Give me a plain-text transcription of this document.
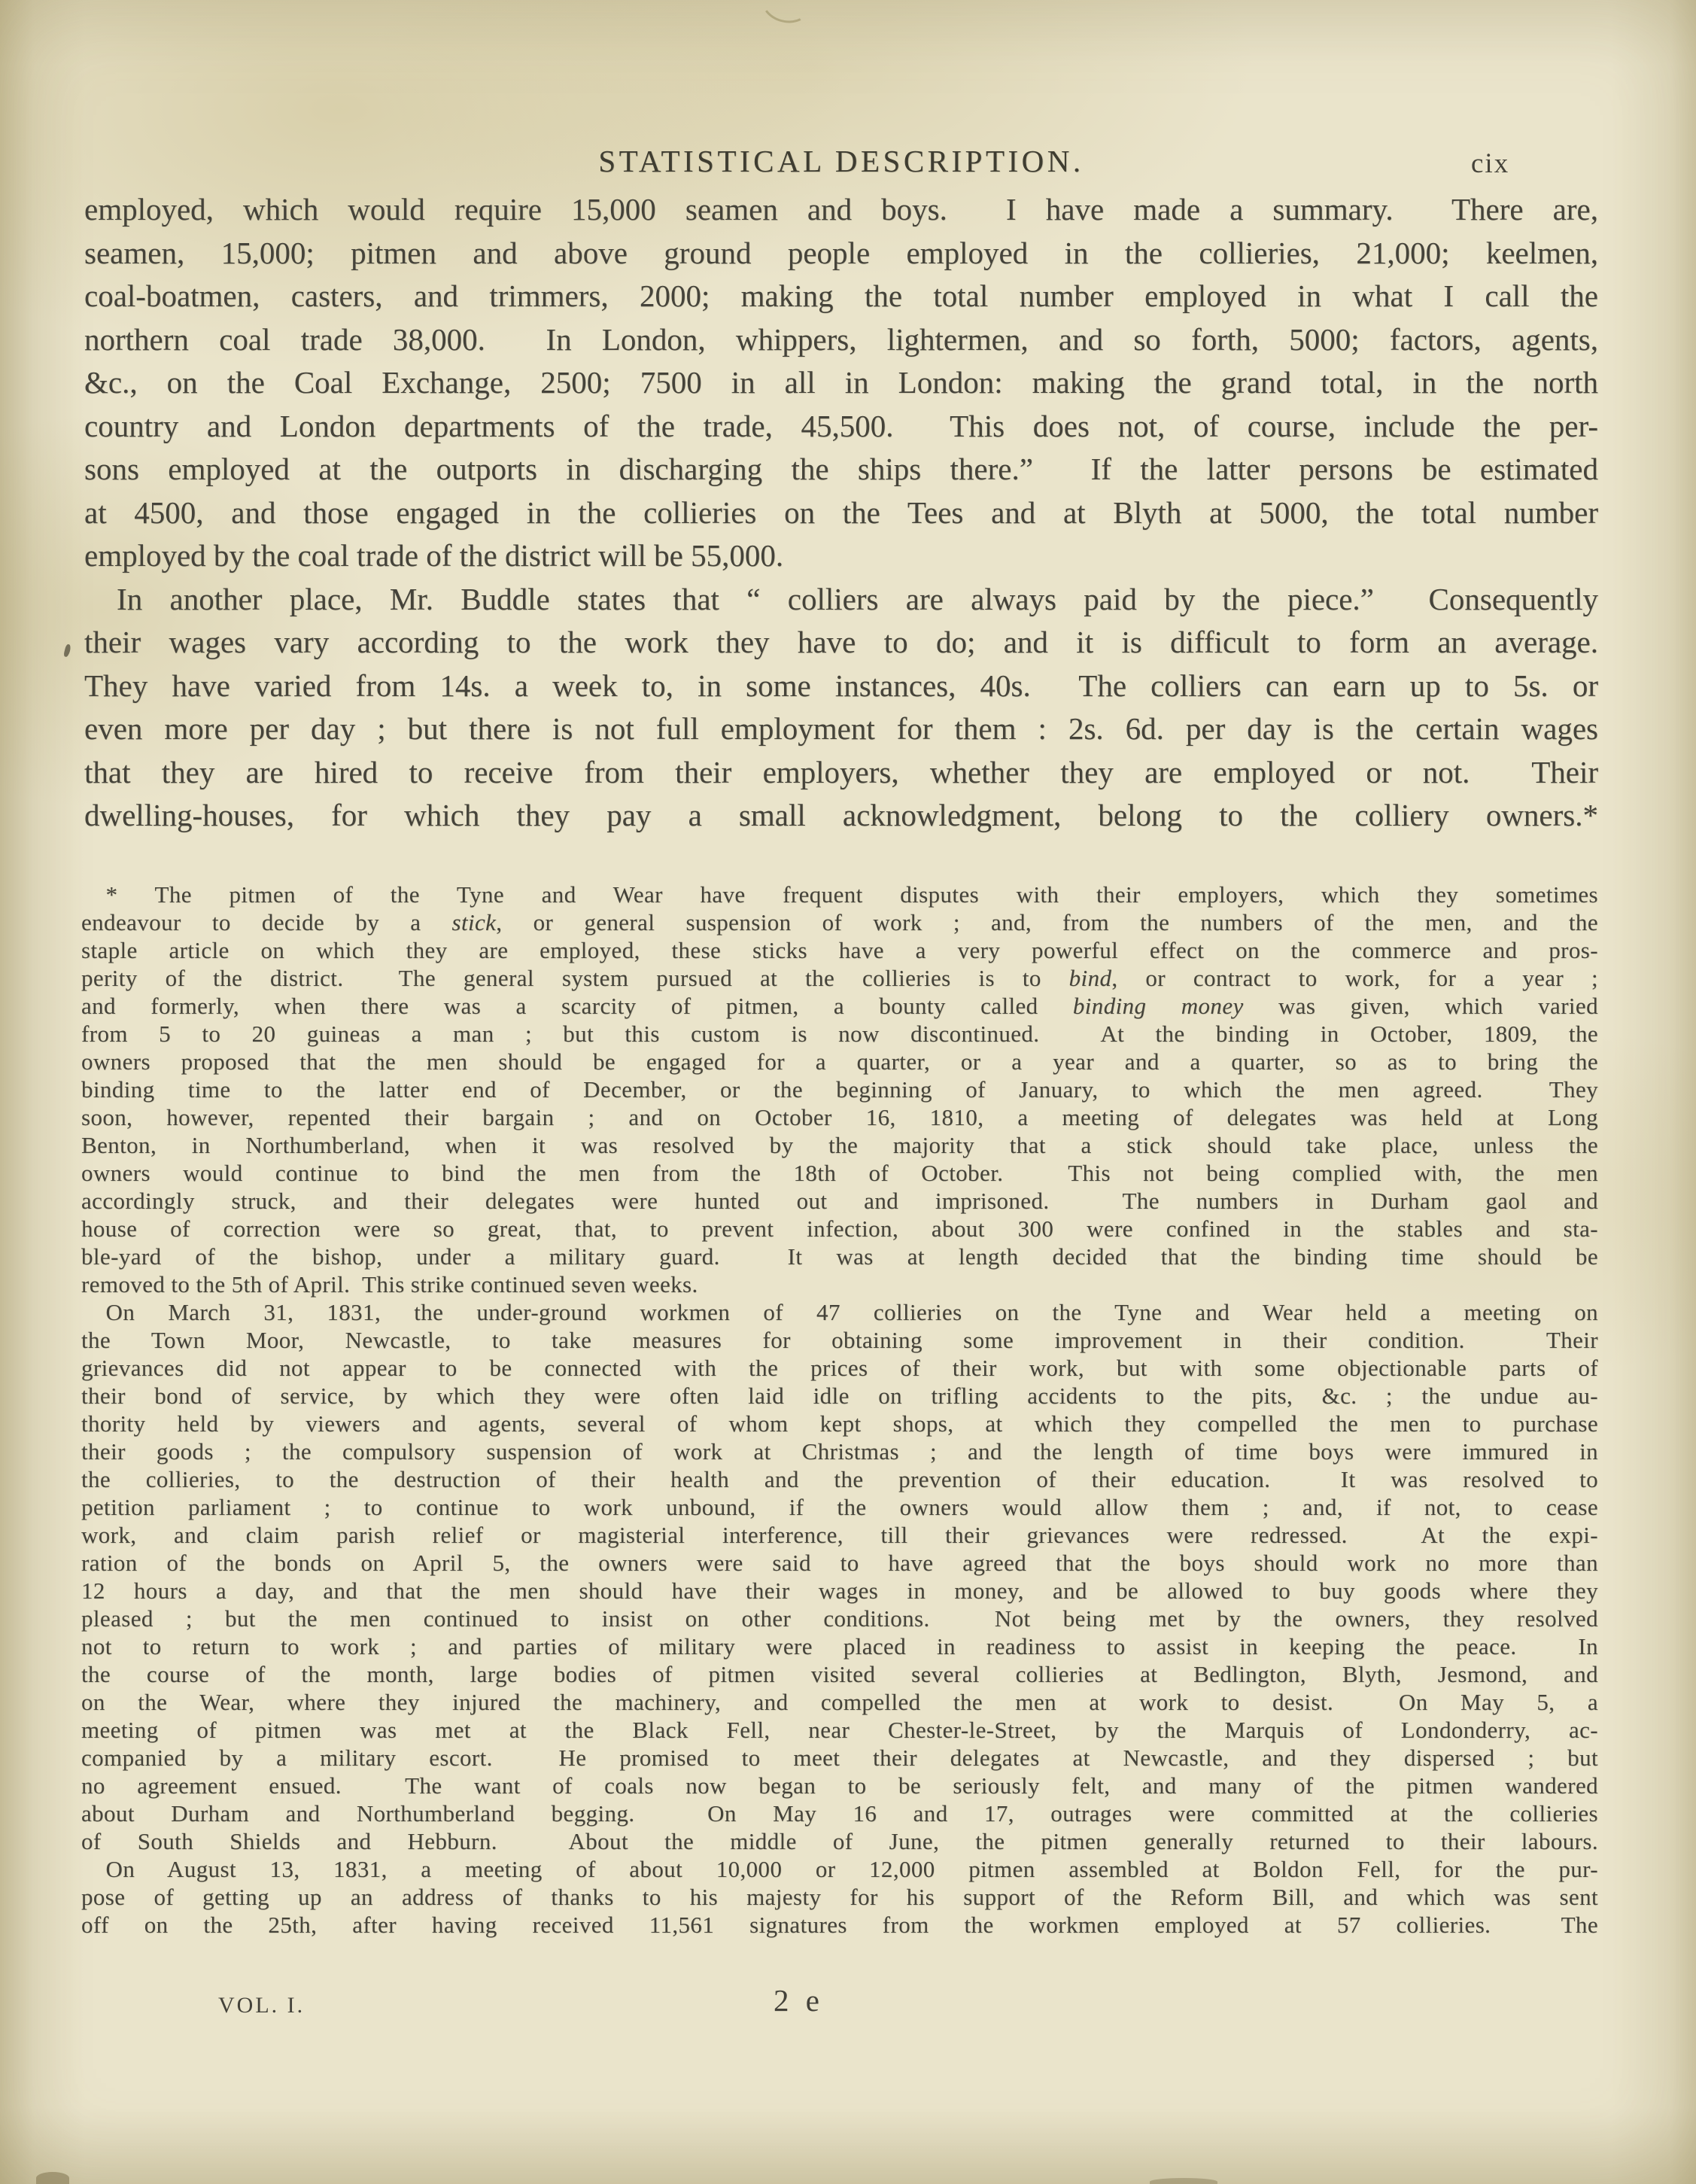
STATISTICAL DESCRIPTION.	cix
employed, which would require 15,000 seamen and boys.  I have made a summary.  There are,
seamen, 15,000; pitmen and above ground people employed in the collieries, 21,000; keelmen,
coal-boatmen, casters, and trimmers, 2000; making the total number employed in what I call the
northern coal trade 38,000.  In London, whippers, lightermen, and so forth, 5000; factors, agents,
&c., on the Coal Exchange, 2500; 7500 in all in London: making the grand total, in the north
country and London departments of the trade, 45,500.  This does not, of course, include the per-
sons employed at the outports in discharging the ships there.”  If the latter persons be estimated
at 4500, and those engaged in the collieries on the Tees and at Blyth at 5000, the total number
employed by the coal trade of the district will be 55,000.
In another place, Mr. Buddle states that “ colliers are always paid by the piece.”  Consequently
their wages vary according to the work they have to do; and it is difficult to form an average.
They have varied from 14s. a week to, in some instances, 40s.  The colliers can earn up to 5s. or
even more per day ; but there is not full employment for them : 2s. 6d. per day is the certain wages
that they are hired to receive from their employers, whether they are employed or not.  Their
dwelling-houses, for which they pay a small acknowledgment, belong to the colliery owners.*
* The pitmen of the Tyne and Wear have frequent disputes with their employers, which they sometimes
endeavour to decide by a stick, or general suspension of work ; and, from the numbers of the men, and the
staple article on which they are employed, these sticks have a very powerful effect on the commerce and pros-
perity of the district.  The general system pursued at the collieries is to bind, or contract to work, for a year ;
and formerly, when there was a scarcity of pitmen, a bounty called binding money was given, which varied
from 5 to 20 guineas a man ; but this custom is now discontinued.  At the binding in October, 1809, the
owners proposed that the men should be engaged for a quarter, or a year and a quarter, so as to bring the
binding time to the latter end of December, or the beginning of January, to which the men agreed.  They
soon, however, repented their bargain ; and on October 16, 1810, a meeting of delegates was held at Long
Benton, in Northumberland, when it was resolved by the majority that a stick should take place, unless the
owners would continue to bind the men from the 18th of October.  This not being complied with, the men
accordingly struck, and their delegates were hunted out and imprisoned.  The numbers in Durham gaol and
house of correction were so great, that, to prevent infection, about 300 were confined in the stables and sta-
ble-yard of the bishop, under a military guard.  It was at length decided that the binding time should be
removed to the 5th of April.  This strike continued seven weeks.
On March 31, 1831, the under-ground workmen of 47 collieries on the Tyne and Wear held a meeting on
the Town Moor, Newcastle, to take measures for obtaining some improvement in their condition.  Their
grievances did not appear to be connected with the prices of their work, but with some objectionable parts of
their bond of service, by which they were often laid idle on trifling accidents to the pits, &c. ; the undue au-
thority held by viewers and agents, several of whom kept shops, at which they compelled the men to purchase
their goods ; the compulsory suspension of work at Christmas ; and the length of time boys were immured in
the collieries, to the destruction of their health and the prevention of their education.  It was resolved to
petition parliament ; to continue to work unbound, if the owners would allow them ; and, if not, to cease
work, and claim parish relief or magisterial interference, till their grievances were redressed.  At the expi-
ration of the bonds on April 5, the owners were said to have agreed that the boys should work no more than
12 hours a day, and that the men should have their wages in money, and be allowed to buy goods where they
pleased ; but the men continued to insist on other conditions.  Not being met by the owners, they resolved
not to return to work ; and parties of military were placed in readiness to assist in keeping the peace.  In
the course of the month, large bodies of pitmen visited several collieries at Bedlington, Blyth, Jesmond, and
on the Wear, where they injured the machinery, and compelled the men at work to desist.  On May 5, a
meeting of pitmen was met at the Black Fell, near Chester-le-Street, by the Marquis of Londonderry, ac-
companied by a military escort.  He promised to meet their delegates at Newcastle, and they dispersed ; but
no agreement ensued.  The want of coals now began to be seriously felt, and many of the pitmen wandered
about Durham and Northumberland begging.  On May 16 and 17, outrages were committed at the collieries
of South Shields and Hebburn.  About the middle of June, the pitmen generally returned to their labours.
On August 13, 1831, a meeting of about 10,000 or 12,000 pitmen assembled at Boldon Fell, for the pur-
pose of getting up an address of thanks to his majesty for his support of the Reform Bill, and which was sent
off on the 25th, after having received 11,561 signatures from the workmen employed at 57 collieries.  The
VOL. I.	2 e
